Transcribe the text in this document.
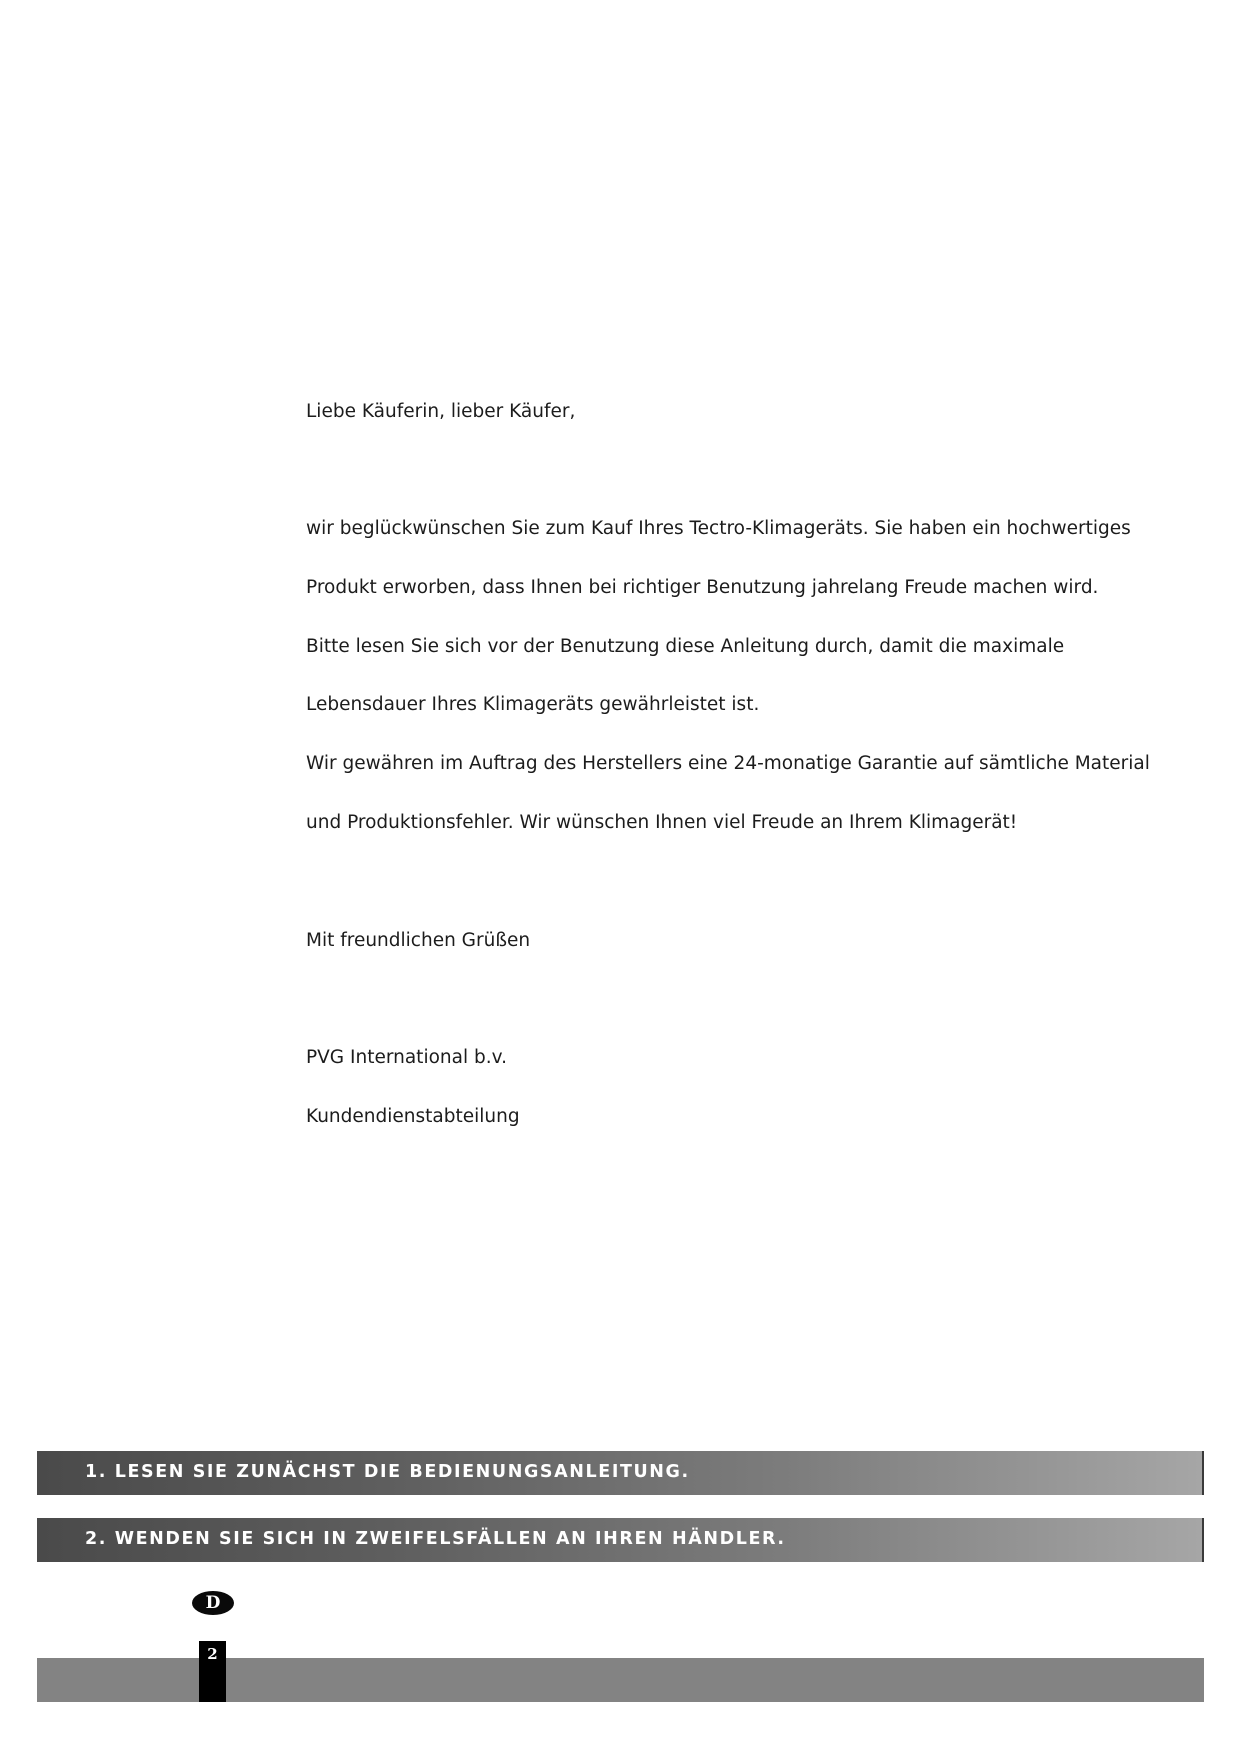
Liebe Käuferin, lieber Käufer,
wir beglückwünschen Sie zum Kauf Ihres Tectro-Klimageräts. Sie haben ein hochwertiges
Produkt erworben, dass Ihnen bei richtiger Benutzung jahrelang Freude machen wird.
Bitte lesen Sie sich vor der Benutzung diese Anleitung durch, damit die maximale
Lebensdauer Ihres Klimageräts gewährleistet ist.
Wir gewähren im Auftrag des Herstellers eine 24-monatige Garantie auf sämtliche Material
und Produktionsfehler. Wir wünschen Ihnen viel Freude an Ihrem Klimagerät!
Mit freundlichen Grüßen
PVG International b.v.
Kundendienstabteilung
1. LESEN SIE ZUNÄCHST DIE BEDIENUNGSANLEITUNG.
2. WENDEN SIE SICH IN ZWEIFELSFÄLLEN AN IHREN HÄNDLER.
D
2
